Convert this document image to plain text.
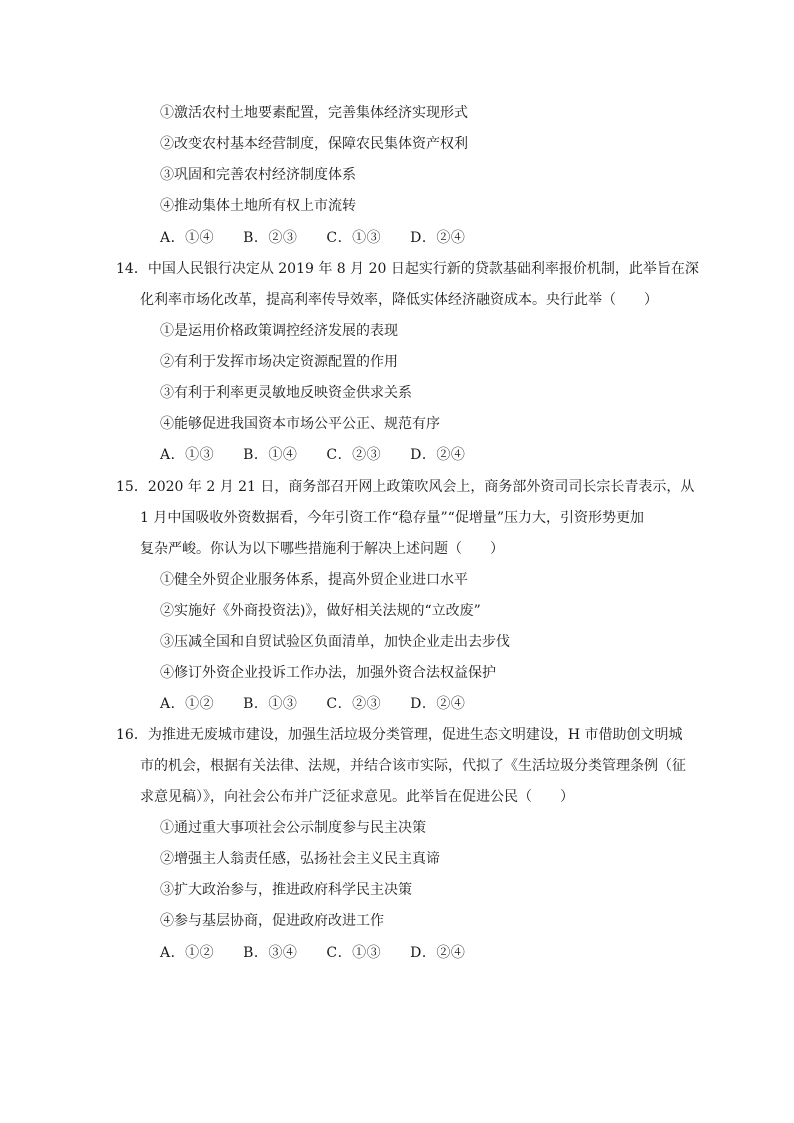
①激活农村土地要素配置，完善集体经济实现形式
②改变农村基本经营制度，保障农民集体资产权利
③巩固和完善农村经济制度体系
④推动集体土地所有权上市流转
A．①④　　B．②③　　C．①③　　D．②④
14．中国人民银行决定从 2019 年 8 月 20 日起实行新的贷款基础利率报价机制，此举旨在深
化利率市场化改革，提高利率传导效率，降低实体经济融资成本。央行此举（　　）
①是运用价格政策调控经济发展的表现
②有利于发挥市场决定资源配置的作用
③有利于利率更灵敏地反映资金供求关系
④能够促进我国资本市场公平公正、规范有序
A．①③　　B．①④　　C．②③　　D．②④
15．2020 年 2 月 21 日，商务部召开网上政策吹风会上，商务部外资司司长宗长青表示，从
1 月中国吸收外资数据看，今年引资工作“稳存量”“促增量”压力大，引资形势更加
复杂严峻。你认为以下哪些措施利于解决上述问题（　　）
①健全外贸企业服务体系，提高外贸企业进口水平
②实施好《外商投资法)》，做好相关法规的“立改废”
③压减全国和自贸试验区负面清单，加快企业走出去步伐
④修订外资企业投诉工作办法，加强外资合法权益保护
A．①②　　B．①③　　C．②③　　D．②④
16．为推进无废城市建设，加强生活垃圾分类管理，促进生态文明建设，H 市借助创文明城
市的机会，根据有关法律、法规，并结合该市实际，代拟了《生活垃圾分类管理条例（征
求意见稿）》，向社会公布并广泛征求意见。此举旨在促进公民（　　）
①通过重大事项社会公示制度参与民主决策
②增强主人翁责任感，弘扬社会主义民主真谛
③扩大政治参与，推进政府科学民主决策
④参与基层协商，促进政府改进工作
A．①②　　B．③④　　C．①③　　D．②④
